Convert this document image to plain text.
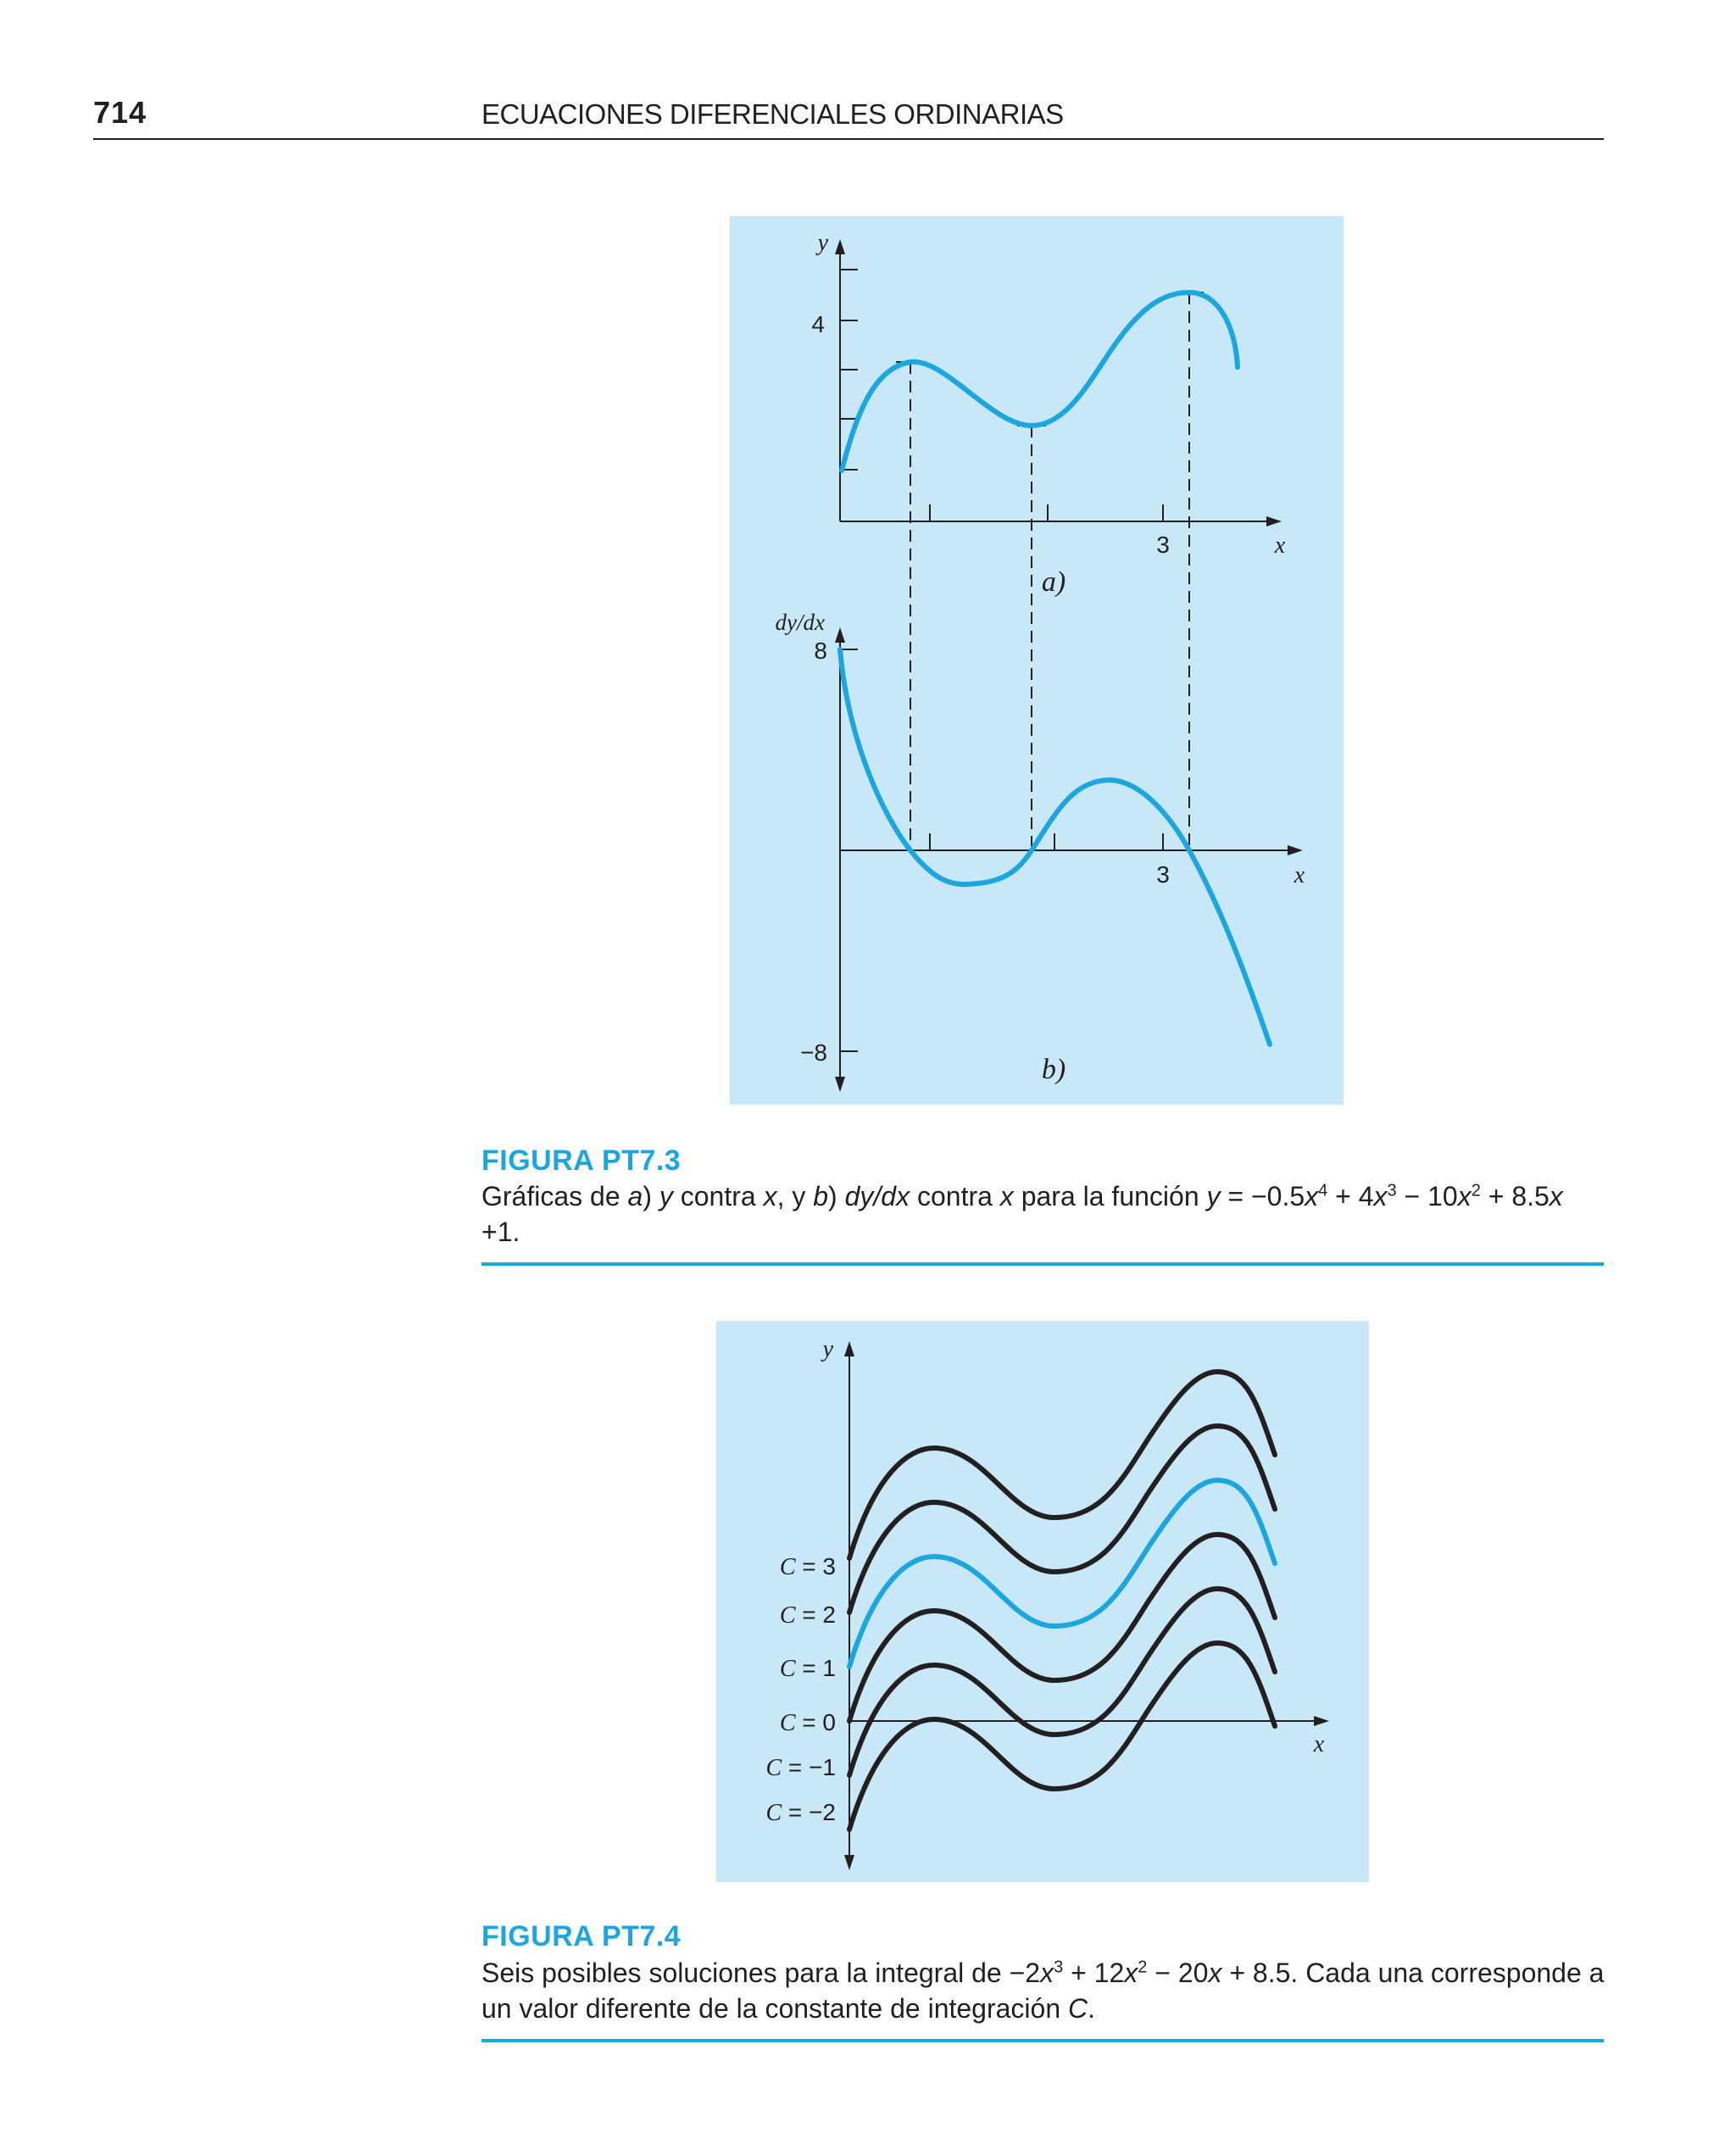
714	ECUACIONES DIFERENCIALES ORDINARIAS
y
4
3	x
a)
dy/dx
8
−8
3	x
b)
FIGURA PT7.3
Gráficas de a) y contra x, y b) dy/dx contra x para la función $y = -0.5x^4 + 4x^3 - 10x^2 + 8.5x +1$.
C = 3
C = 2
C = 1
C = 0
C = −1
C = −2
y
x
FIGURA PT7.4
Seis posibles soluciones para la integral de $-2x^3 + 12x^2 - 20x + 8.5$. Cada una corresponde a un valor diferente de la constante de integración C.
